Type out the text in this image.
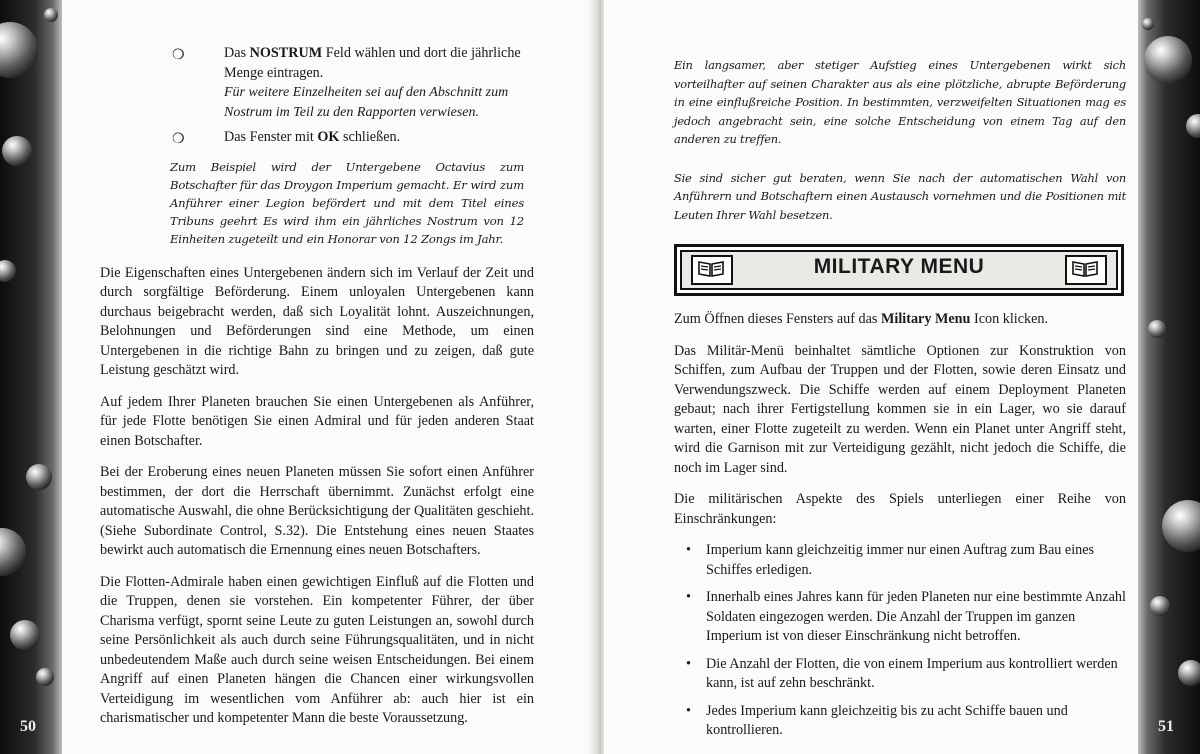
50
❍	Das NOSTRUM Feld wählen und dort die jährliche Menge eintragen.
Für weitere Einzelheiten sei auf den Abschnitt zum Nostrum im Teil zu den Rapporten verwiesen.
❍	Das Fenster mit OK schließen.
Zum Beispiel wird der Untergebene Octavius zum Botschafter für das Droygon Imperium gemacht. Er wird zum Anführer einer Legion befördert und mit dem Titel eines Tribuns geehrt Es wird ihm ein jährliches Nostrum von 12 Einheiten zugeteilt und ein Honorar von 12 Zongs im Jahr.

Die Eigenschaften eines Untergebenen ändern sich im Verlauf der Zeit und durch sorgfältige Beförderung. Einem unloyalen Untergebenen kann durchaus beigebracht werden, daß sich Loyalität lohnt. Auszeichnungen, Belohnungen und Beförderungen sind eine Methode, um einen Untergebenen in die richtige Bahn zu bringen und zu zeigen, daß gute Leistung geschätzt wird.

Auf jedem Ihrer Planeten brauchen Sie einen Untergebenen als Anführer, für jede Flotte benötigen Sie einen Admiral und für jeden anderen Staat einen Botschafter.

Bei der Eroberung eines neuen Planeten müssen Sie sofort einen Anführer bestimmen, der dort die Herrschaft übernimmt. Zunächst erfolgt eine automatische Auswahl, die ohne Berücksichtigung der Qualitäten geschieht. (Siehe Subordinate Control, S.32). Die Entstehung eines neuen Staates bewirkt auch automatisch die Ernennung eines neuen Botschafters.

Die Flotten-Admirale haben einen gewichtigen Einfluß auf die Flotten und die Truppen, denen sie vorstehen. Ein kompetenter Führer, der über Charisma verfügt, spornt seine Leute zu guten Leistungen an, sowohl durch seine Persönlichkeit als auch durch seine Führungsqualitäten, und in nicht unbedeutendem Maße auch durch seine weisen Entscheidungen. Bei einem Angriff auf einen Planeten hängen die Chancen einer wirkungsvollen Verteidigung im wesentlichen vom Anführer ab: auch hier ist ein charismatischer und kompetenter Mann die beste Voraussetzung.	51
Ein langsamer, aber stetiger Aufstieg eines Untergebenen wirkt sich vorteilhafter auf seinen Charakter aus als eine plötzliche, abrupte Beförderung in eine einflußreiche Position. In bestimmten, verzweifelten Situationen mag es jedoch angebracht sein, eine solche Entscheidung von einem Tag auf den anderen zu treffen.
Sie sind sicher gut beraten, wenn Sie nach der automatischen Wahl von Anführern und Botschaftern einen Austausch vornehmen und die Positionen mit Leuten Ihrer Wahl besetzen.
MILITARY MENU

Zum Öffnen dieses Fensters auf das Military Menu Icon klicken.

Das Militär-Menü beinhaltet sämtliche Optionen zur Konstruktion von Schiffen, zum Aufbau der Truppen und der Flotten, sowie deren Einsatz und Verwendungszweck. Die Schiffe werden auf einem Deployment Planeten gebaut; nach ihrer Fertigstellung kommen sie in ein Lager, wo sie darauf warten, einer Flotte zugeteilt zu werden. Wenn ein Planet unter Angriff steht, wird die Garnison mit zur Verteidigung gezählt, nicht jedoch die Schiffe, die noch im Lager sind.

Die militärischen Aspekte des Spiels unterliegen einer Reihe von Einschränkungen:

• Imperium kann gleichzeitig immer nur einen Auftrag zum Bau eines Schiffes erledigen.
• Innerhalb eines Jahres kann für jeden Planeten nur eine bestimmte Anzahl Soldaten eingezogen werden. Die Anzahl der Truppen im ganzen Imperium ist von dieser Einschränkung nicht betroffen.
• Die Anzahl der Flotten, die von einem Imperium aus kontrolliert werden kann, ist auf zehn beschränkt.
• Jedes Imperium kann gleichzeitig bis zu acht Schiffe bauen und kontrollieren.
